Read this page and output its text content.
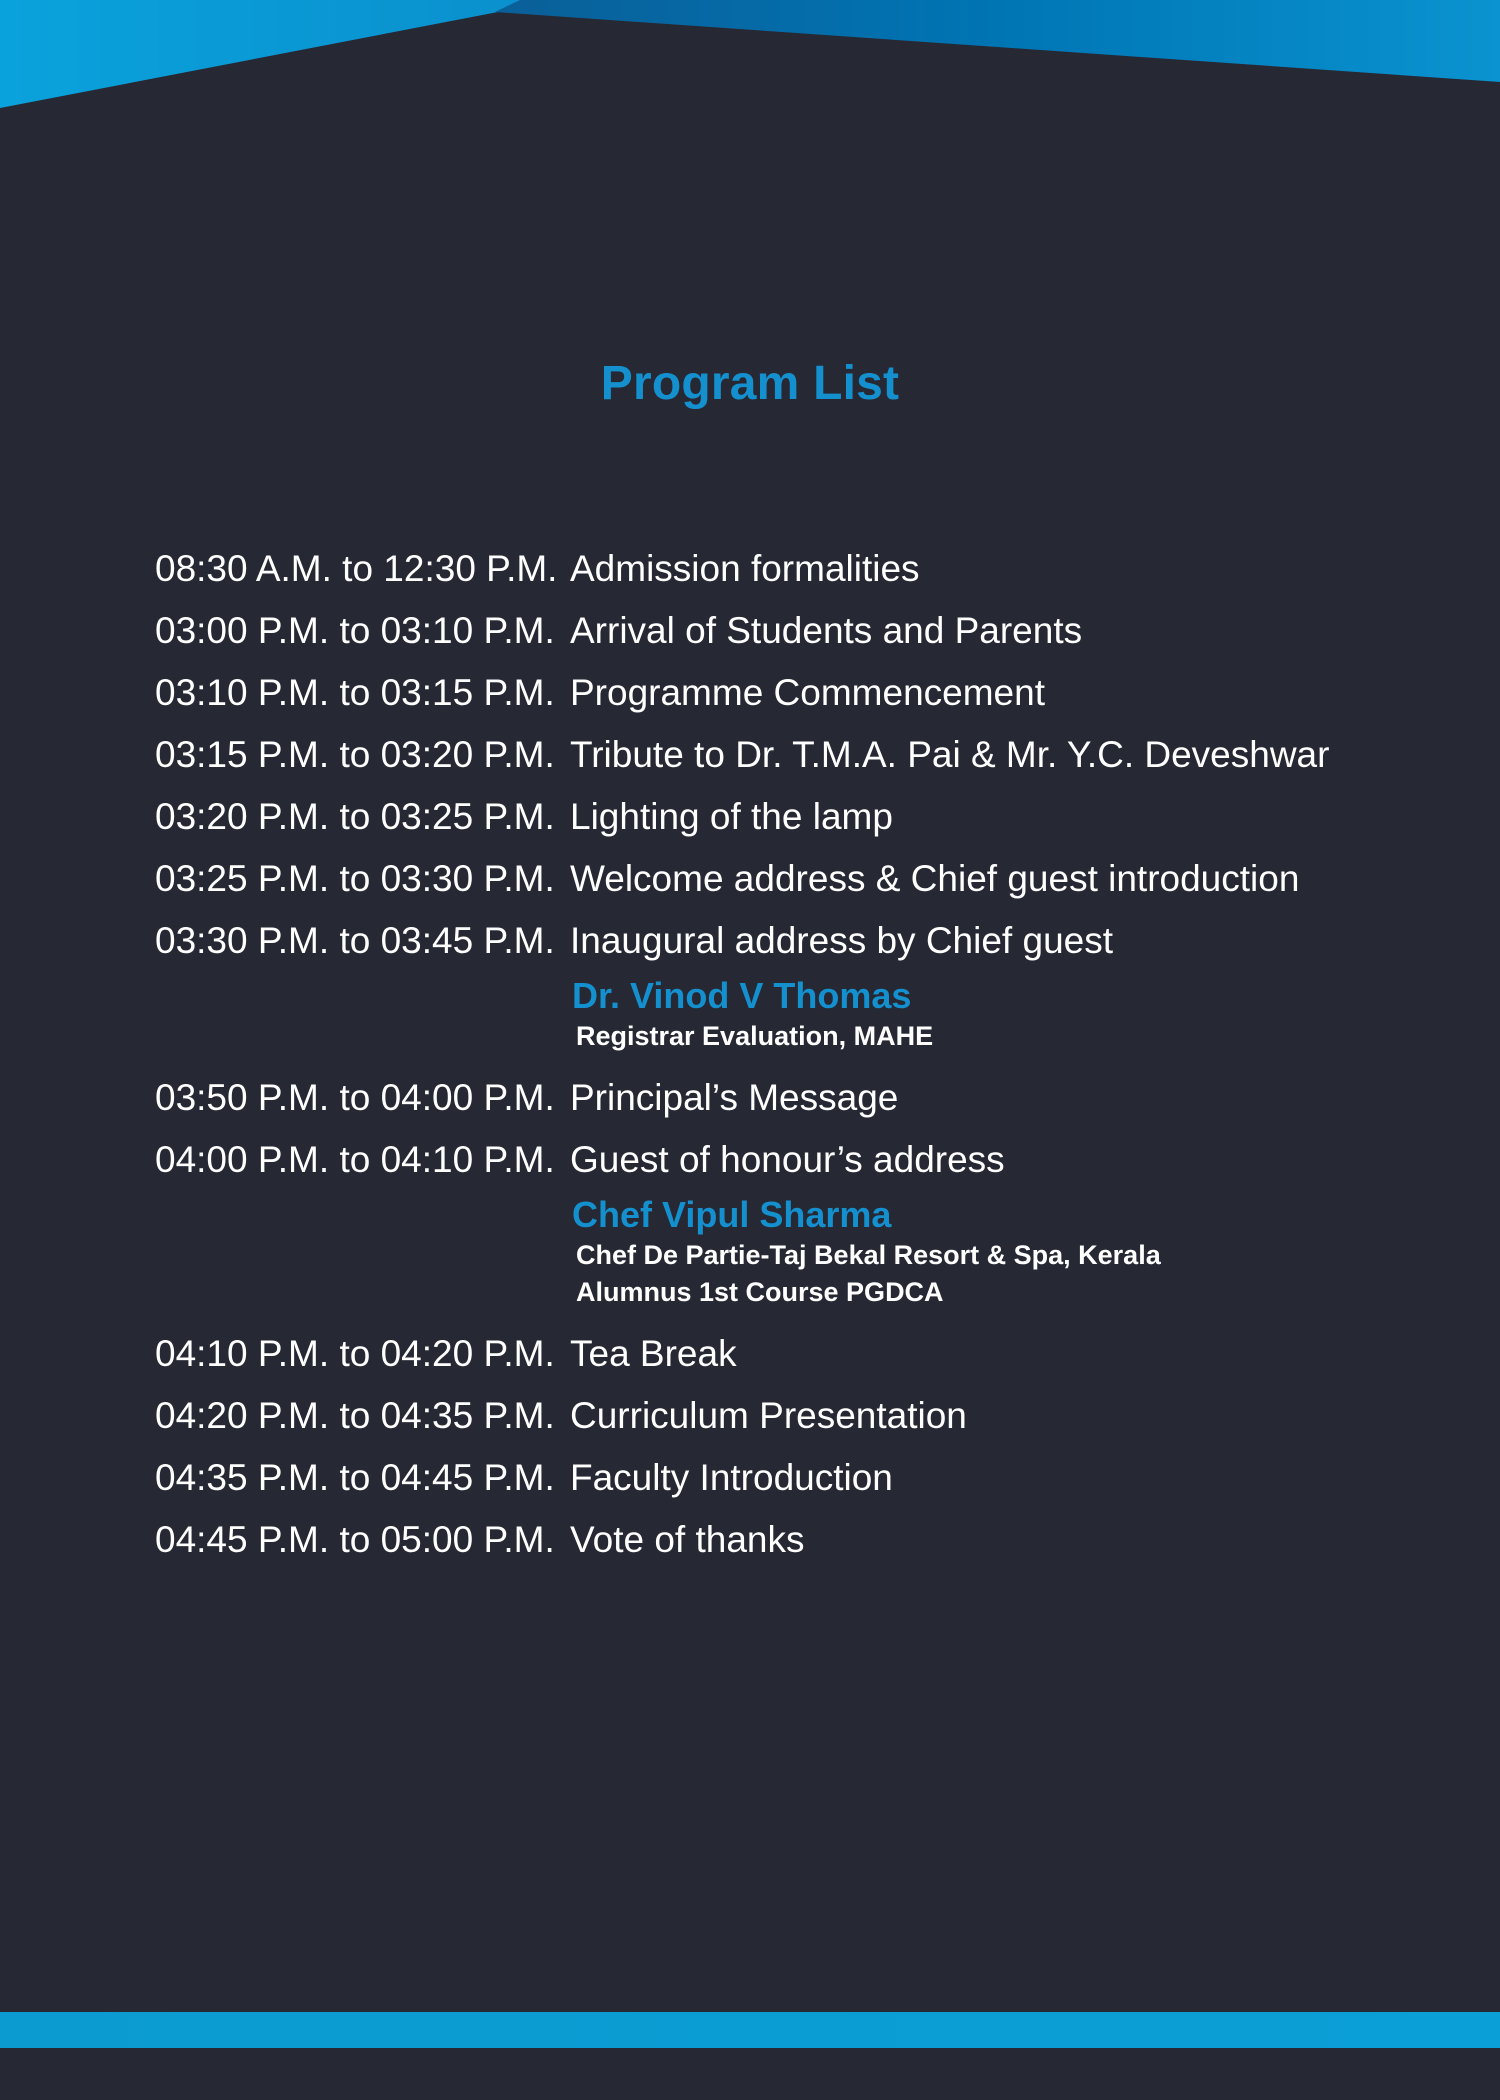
Program List
08:30 A.M. to 12:30 P.M. Admission formalities
03:00 P.M. to 03:10 P.M. Arrival of Students and Parents
03:10 P.M. to 03:15 P.M. Programme Commencement
03:15 P.M. to 03:20 P.M. Tribute to Dr. T.M.A. Pai & Mr. Y.C. Deveshwar
03:20 P.M. to 03:25 P.M. Lighting of the lamp
03:25 P.M. to 03:30 P.M. Welcome address & Chief guest introduction
03:30 P.M. to 03:45 P.M. Inaugural address by Chief guest
Dr. Vinod V Thomas
Registrar Evaluation, MAHE
03:50 P.M. to 04:00 P.M. Principal’s Message
04:00 P.M. to 04:10 P.M. Guest of honour’s address
Chef Vipul Sharma
Chef De Partie-Taj Bekal Resort & Spa, Kerala
Alumnus 1st Course PGDCA
04:10 P.M. to 04:20 P.M. Tea Break
04:20 P.M. to 04:35 P.M. Curriculum Presentation
04:35 P.M. to 04:45 P.M. Faculty Introduction
04:45 P.M. to 05:00 P.M. Vote of thanks
